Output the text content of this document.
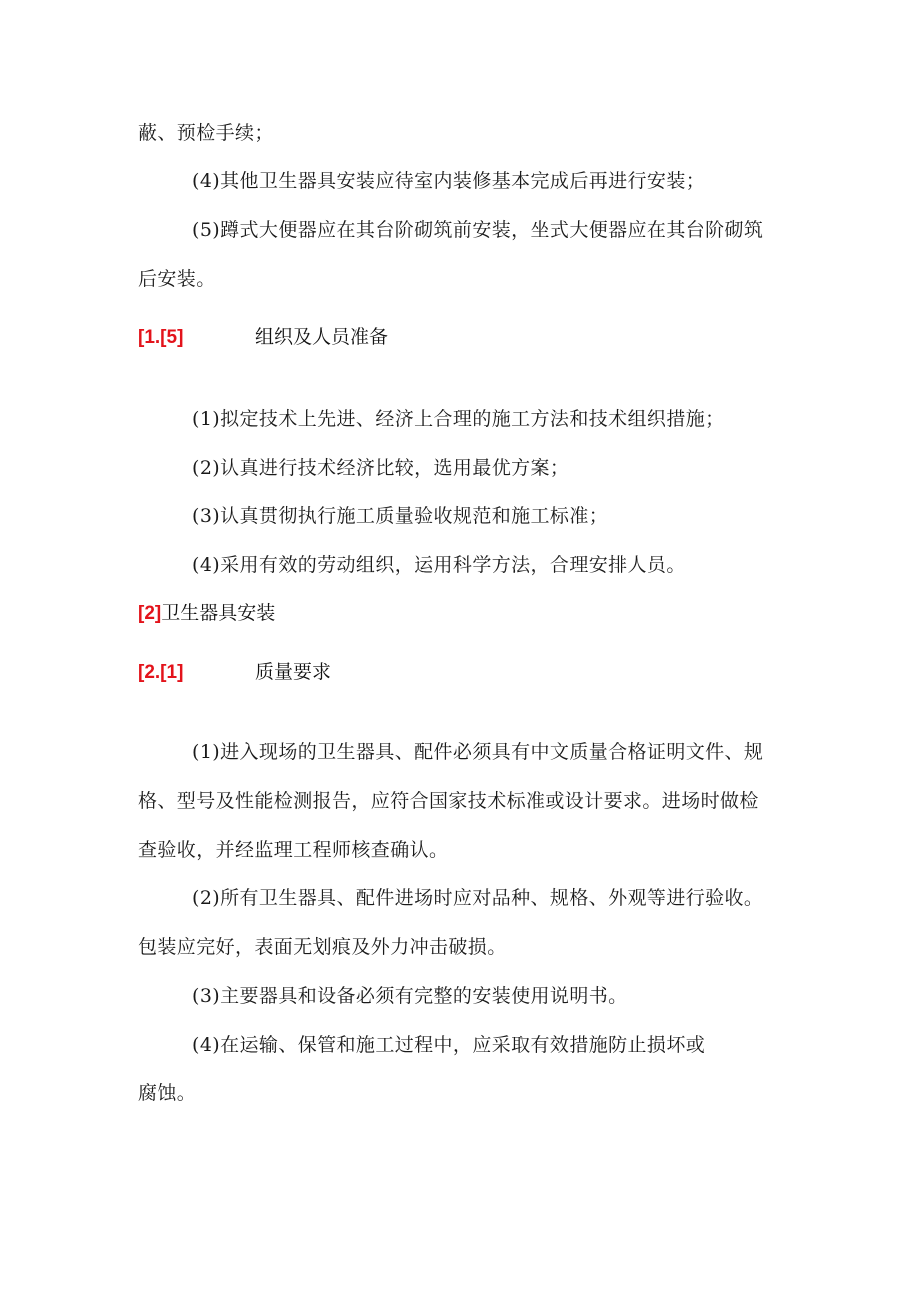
蔽、预检手续；
(4)其他卫生器具安装应待室内装修基本完成后再进行安装；
(5)蹲式大便器应在其台阶砌筑前安装，坐式大便器应在其台阶砌筑
后安装。
[1.[5]	组织及人员准备
(1)拟定技术上先进、经济上合理的施工方法和技术组织措施；
(2)认真进行技术经济比较，选用最优方案；
(3)认真贯彻执行施工质量验收规范和施工标准；
(4)采用有效的劳动组织，运用科学方法，合理安排人员。
[2]卫生器具安装
[2.[1]	质量要求
(1)进入现场的卫生器具、配件必须具有中文质量合格证明文件、规
格、型号及性能检测报告，应符合国家技术标准或设计要求。进场时做检
查验收，并经监理工程师核查确认。
(2)所有卫生器具、配件进场时应对品种、规格、外观等进行验收。
包装应完好，表面无划痕及外力冲击破损。
(3)主要器具和设备必须有完整的安装使用说明书。
(4)在运输、保管和施工过程中，应采取有效措施防止损坏或
腐蚀。
